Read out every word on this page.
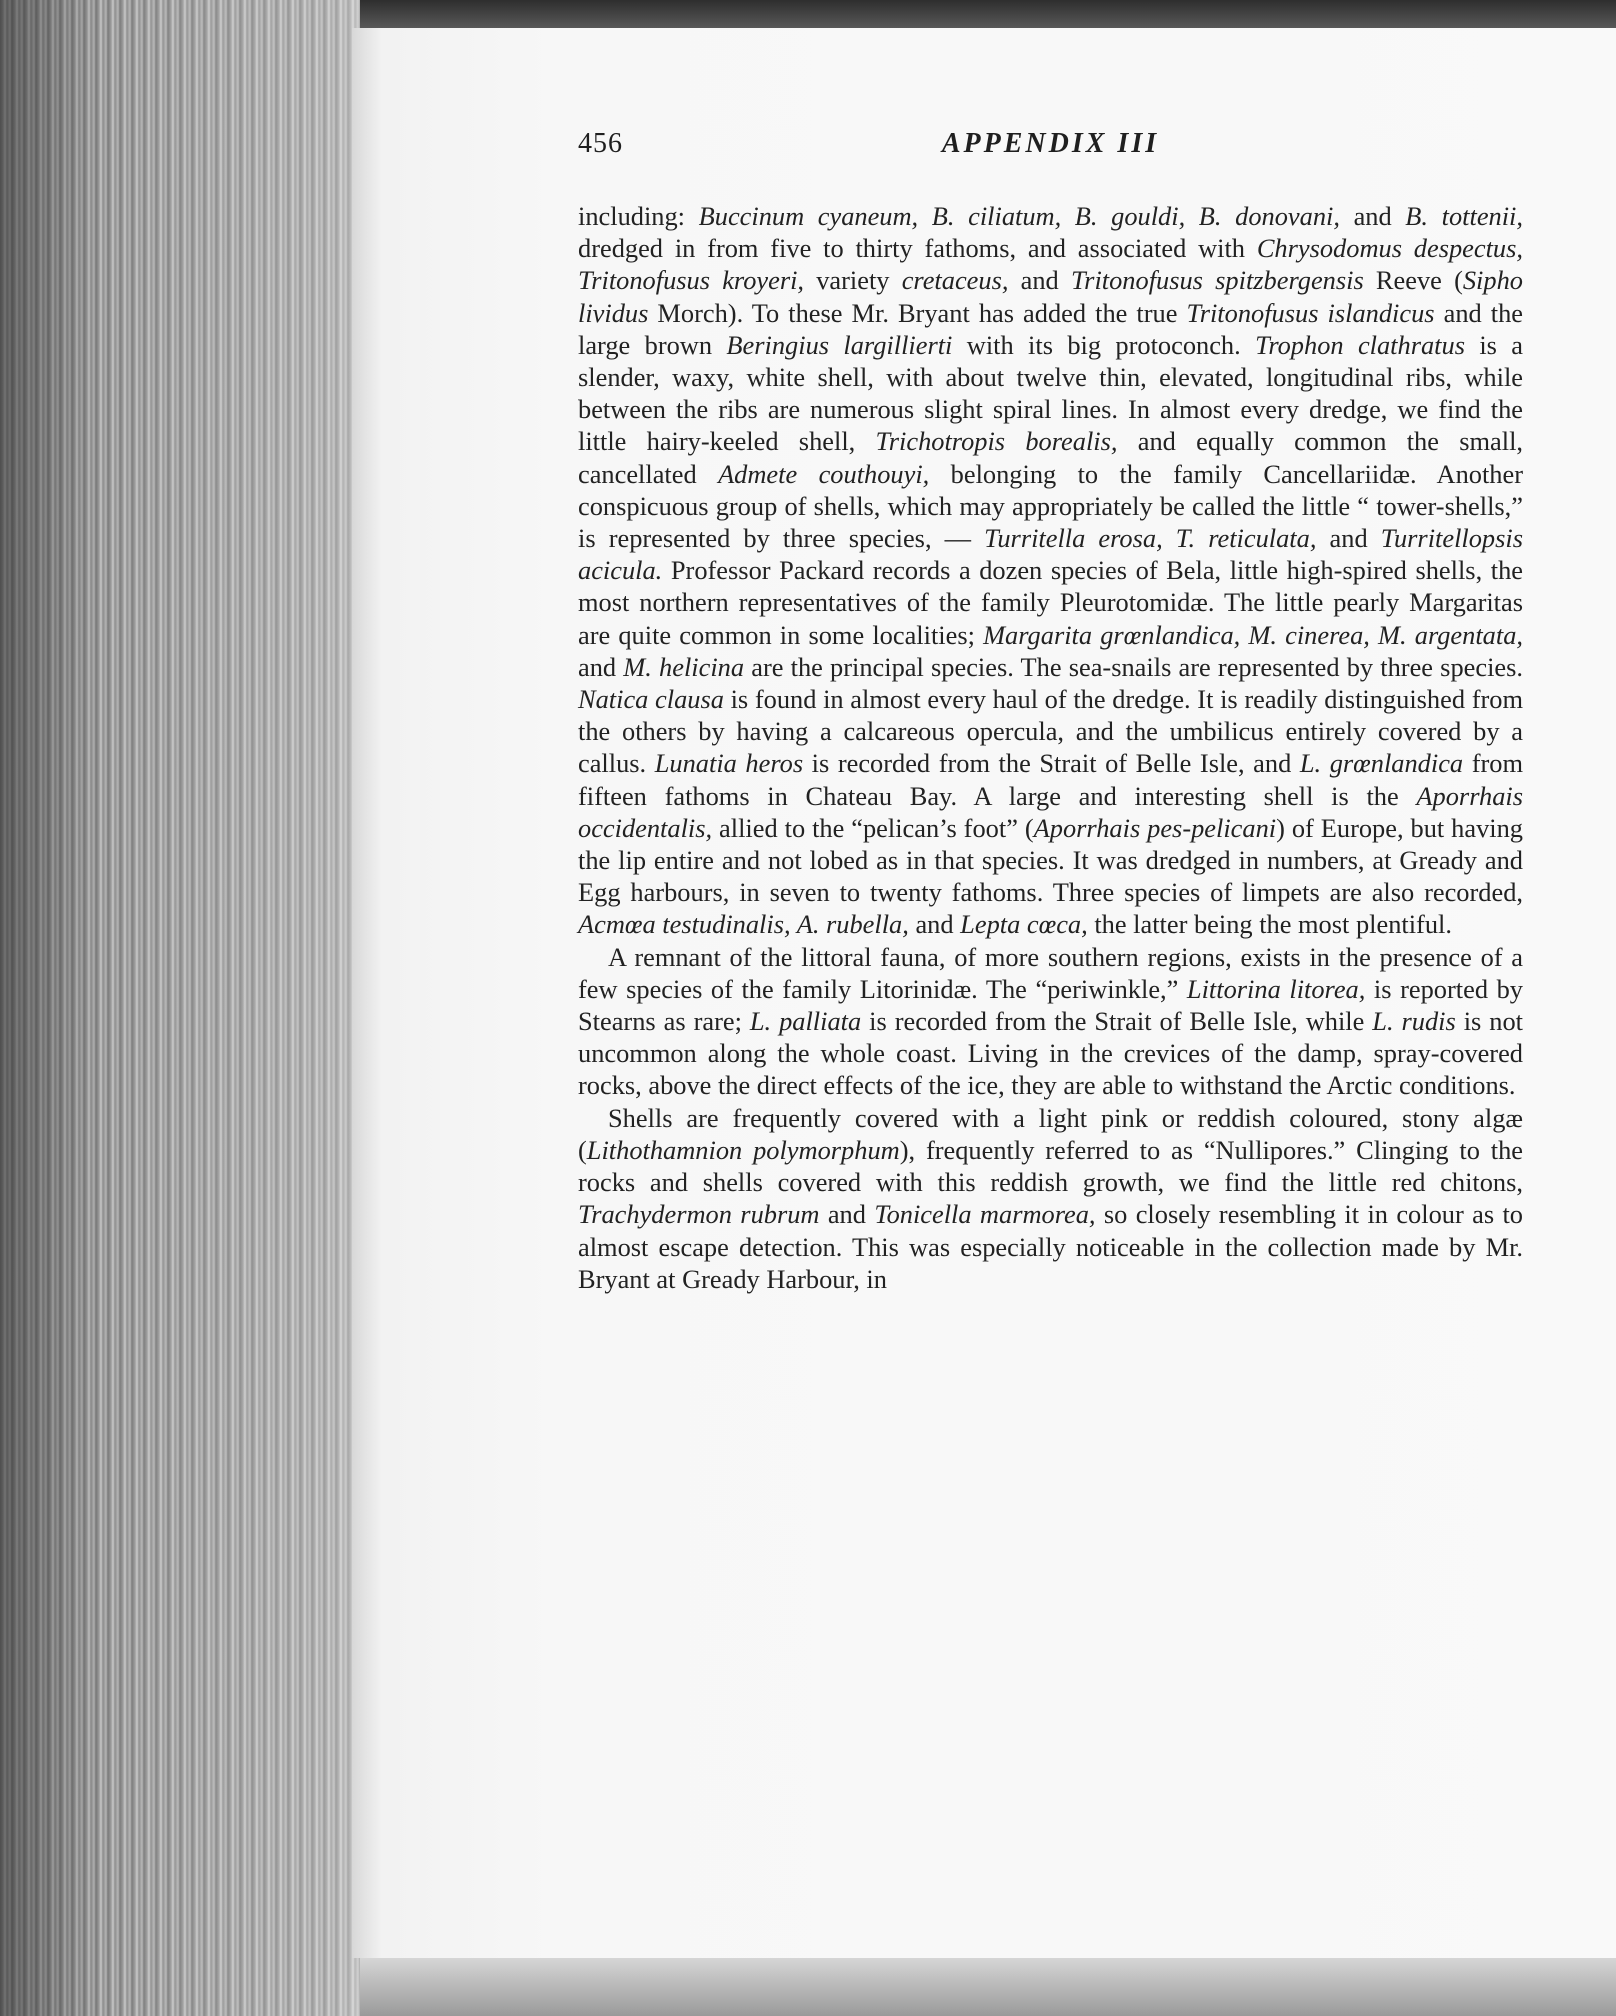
456	APPENDIX III

including: Buccinum cyaneum, B. ciliatum, B. gouldi, B. donovani, and B. tottenii, dredged in from five to thirty fathoms, and associated with Chrysodomus despectus, Tritonofusus kroyeri, variety cretaceus, and Tritonofusus spitzbergensis Reeve (Sipho lividus Morch). To these Mr. Bryant has added the true Tritonofusus islandicus and the large brown Beringius largillierti with its big protoconch. Trophon clathratus is a slender, waxy, white shell, with about twelve thin, elevated, longitudinal ribs, while between the ribs are numerous slight spiral lines. In almost every dredge, we find the little hairy-keeled shell, Trichotropis borealis, and equally common the small, cancellated Admete couthouyi, belonging to the family Cancellariidæ. Another conspicuous group of shells, which may appropriately be called the little “ tower-shells,” is represented by three species, — Turritella erosa, T. reticulata, and Turritellopsis acicula. Professor Packard records a dozen species of Bela, little high-spired shells, the most northern representatives of the family Pleurotomidæ. The little pearly Margaritas are quite common in some localities; Margarita grœnlandica, M. cinerea, M. argentata, and M. helicina are the principal species. The sea-snails are represented by three species. Natica clausa is found in almost every haul of the dredge. It is readily distinguished from the others by having a calcareous opercula, and the umbilicus entirely covered by a callus. Lunatia heros is recorded from the Strait of Belle Isle, and L. grœnlandica from fifteen fathoms in Chateau Bay. A large and interesting shell is the Aporrhais occidentalis, allied to the “pelican’s foot” (Aporrhais pes-pelicani) of Europe, but having the lip entire and not lobed as in that species. It was dredged in numbers, at Gready and Egg harbours, in seven to twenty fathoms. Three species of limpets are also recorded, Acmœa testudinalis, A. rubella, and Lepta cœca, the latter being the most plentiful.

A remnant of the littoral fauna, of more southern regions, exists in the presence of a few species of the family Litorinidæ. The “periwinkle,” Littorina litorea, is reported by Stearns as rare; L. palliata is recorded from the Strait of Belle Isle, while L. rudis is not uncommon along the whole coast. Living in the crevices of the damp, spray-covered rocks, above the direct effects of the ice, they are able to withstand the Arctic conditions.

Shells are frequently covered with a light pink or reddish coloured, stony algæ (Lithothamnion polymorphum), frequently referred to as “Nullipores.” Clinging to the rocks and shells covered with this reddish growth, we find the little red chitons, Trachydermon rubrum and Tonicella marmorea, so closely resembling it in colour as to almost escape detection. This was especially noticeable in the collection made by Mr. Bryant at Gready Harbour, in
